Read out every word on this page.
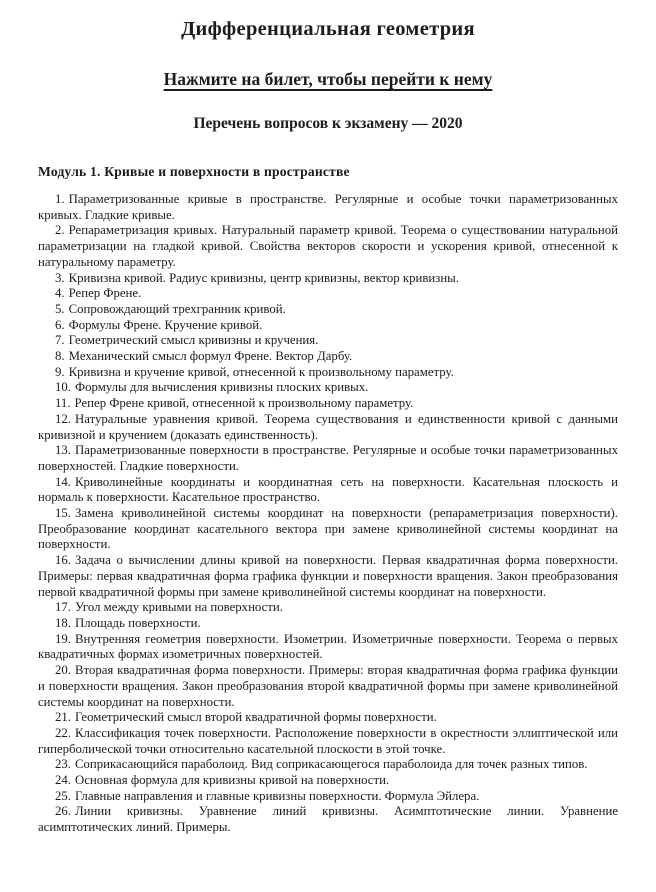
Дифференциальная геометрия
Нажмите на билет, чтобы перейти к нему
Перечень вопросов к экзамену — 2020
Модуль 1. Кривые и поверхности в пространстве

1. Параметризованные кривые в пространстве. Регулярные и особые точки параметризованных кривых. Гладкие кривые.

2. Репараметризация кривых. Натуральный параметр кривой. Теорема о существовании натуральной параметризации на гладкой кривой. Свойства векторов скорости и ускорения кривой, отнесенной к натуральному параметру.

3. Кривизна кривой. Радиус кривизны, центр кривизны, вектор кривизны.

4. Репер Френе.

5. Сопровождающий трехгранник кривой.

6. Формулы Френе. Кручение кривой.

7. Геометрический смысл кривизны и кручения.

8. Механический смысл формул Френе. Вектор Дарбу.

9. Кривизна и кручение кривой, отнесенной к произвольному параметру.

10. Формулы для вычисления кривизны плоских кривых.

11. Репер Френе кривой, отнесенной к произвольному параметру.

12. Натуральные уравнения кривой. Теорема существования и единственности кривой с данными кривизной и кручением (доказать единственность).

13. Параметризованные поверхности в пространстве. Регулярные и особые точки параметризованных поверхностей. Гладкие поверхности.

14. Криволинейные координаты и координатная сеть на поверхности. Касательная плоскость и нормаль к поверхности. Касательное пространство.

15. Замена криволинейной системы координат на поверхности (репараметризация поверхности). Преобразование координат касательного вектора при замене криволинейной системы координат на поверхности.

16. Задача о вычислении длины кривой на поверхности. Первая квадратичная форма поверхности. Примеры: первая квадратичная форма графика функции и поверхности вращения. Закон преобразования первой квадратичной формы при замене криволинейной системы координат на поверхности.

17. Угол между кривыми на поверхности.

18. Площадь поверхности.

19. Внутренняя геометрия поверхности. Изометрии. Изометричные поверхности. Теорема о первых квадратичных формах изометричных поверхностей.

20. Вторая квадратичная форма поверхности. Примеры: вторая квадратичная форма графика функции и поверхности вращения. Закон преобразования второй квадратичной формы при замене криволинейной системы координат на поверхности.

21. Геометрический смысл второй квадратичной формы поверхности.

22. Классификация точек поверхности. Расположение поверхности в окрестности эллиптической или гиперболической точки относительно касательной плоскости в этой точке.

23. Соприкасающийся параболоид. Вид соприкасающегося параболоида для точек разных типов.

24. Основная формула для кривизны кривой на поверхности.

25. Главные направления и главные кривизны поверхности. Формула Эйлера.

26. Линии кривизны. Уравнение линий кривизны. Асимптотические линии. Уравнение асимптотических линий. Примеры.
